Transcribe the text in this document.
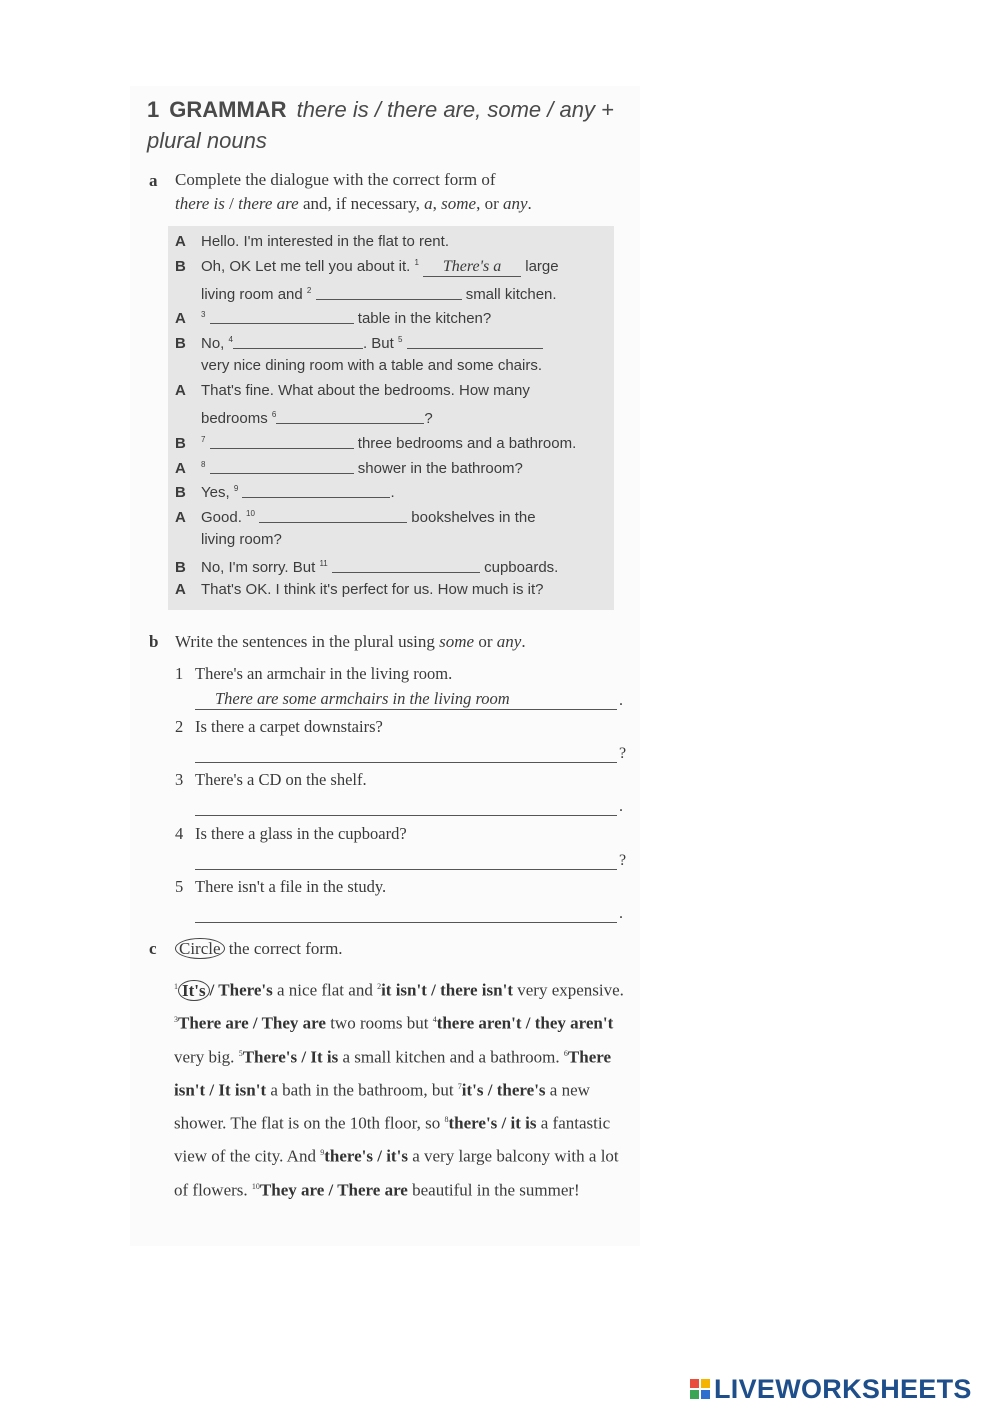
1 GRAMMAR there is / there are, some / any + plural nouns
a Complete the dialogue with the correct form of
there is / there are and, if necessary, a, some, or any.
A Hello. I'm interested in the flat to rent.
B Oh, OK Let me tell you about it. $^1$ There's a large
living room and $^2$	small kitchen.
A $^3$	table in the kitchen?
B No, $^4$	. But $^5$
very nice dining room with a table and some chairs.
A That's fine. What about the bedrooms. How many
bedrooms $^6$	?
B $^7$	three bedrooms and a bathroom.
A $^8$	shower in the bathroom?
B Yes, $^9$	.
A Good. $^{10}$	bookshelves in the
living room?
B No, I'm sorry. But $^{11}$	cupboards.
A That's OK. I think it's perfect for us. How much is it?
b Write the sentences in the plural using some or any.
1 There's an armchair in the living room.
There are some armchairs in the living room	.
2 Is there a carpet downstairs?
?
3 There's a CD on the shelf.
.
4 Is there a glass in the cupboard?
?
5 There isn't a file in the study.
.
c Circle the correct form.
$^1$ It's / There's a nice flat and $^2$it isn't / there isn't very expensive. $^3$There are / They are two rooms but $^4$there aren't / they aren't very big. $^5$There's / It is a small kitchen and a bathroom. $^6$There isn't / It isn't a bath in the bathroom, but $^7$it's / there's a new shower. The flat is on the 10th floor, so $^8$there's / it is a fantastic view of the city. And $^9$there's / it's a very large balcony with a lot of flowers. $^{10}$They are / There are beautiful in the summer!
LIVEWORKSHEETS
